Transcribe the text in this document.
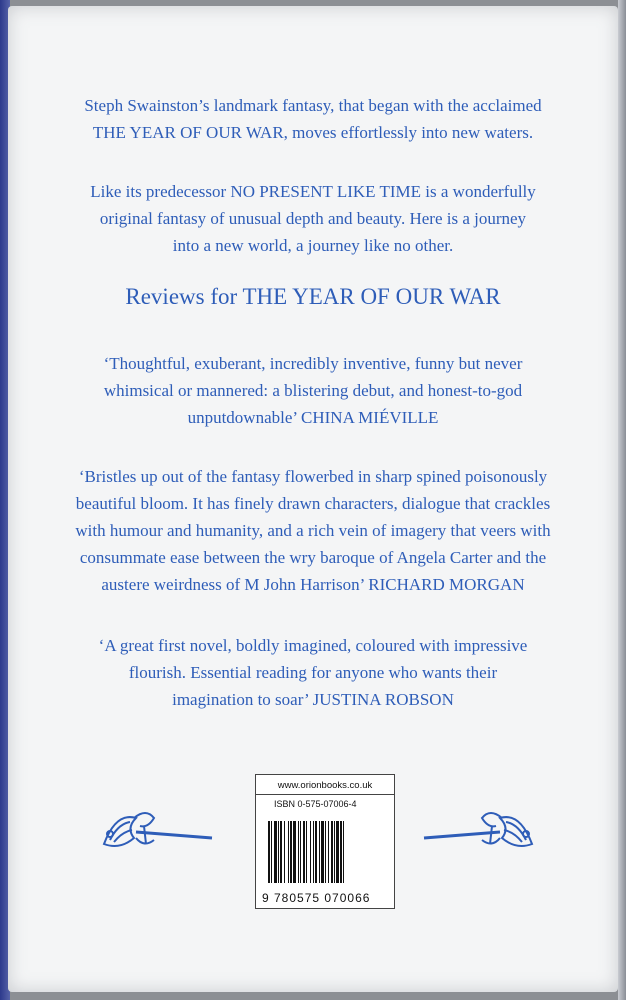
Steph Swainston’s landmark fantasy, that began with the acclaimed
THE YEAR OF OUR WAR, moves effortlessly into new waters.
Like its predecessor NO PRESENT LIKE TIME is a wonderfully
original fantasy of unusual depth and beauty. Here is a journey
into a new world, a journey like no other.
Reviews for THE YEAR OF OUR WAR
‘Thoughtful, exuberant, incredibly inventive, funny but never
whimsical or mannered: a blistering debut, and honest-to-god
unputdownable’ CHINA MIÉVILLE
‘Bristles up out of the fantasy flowerbed in sharp spined poisonously
beautiful bloom. It has finely drawn characters, dialogue that crackles
with humour and humanity, and a rich vein of imagery that veers with
consummate ease between the wry baroque of Angela Carter and the
austere weirdness of M John Harrison’ RICHARD MORGAN
‘A great first novel, boldly imagined, coloured with impressive
flourish. Essential reading for anyone who wants their
imagination to soar’ JUSTINA ROBSON
www.orionbooks.co.uk
ISBN 0-575-07006-4
9 780575 070066
